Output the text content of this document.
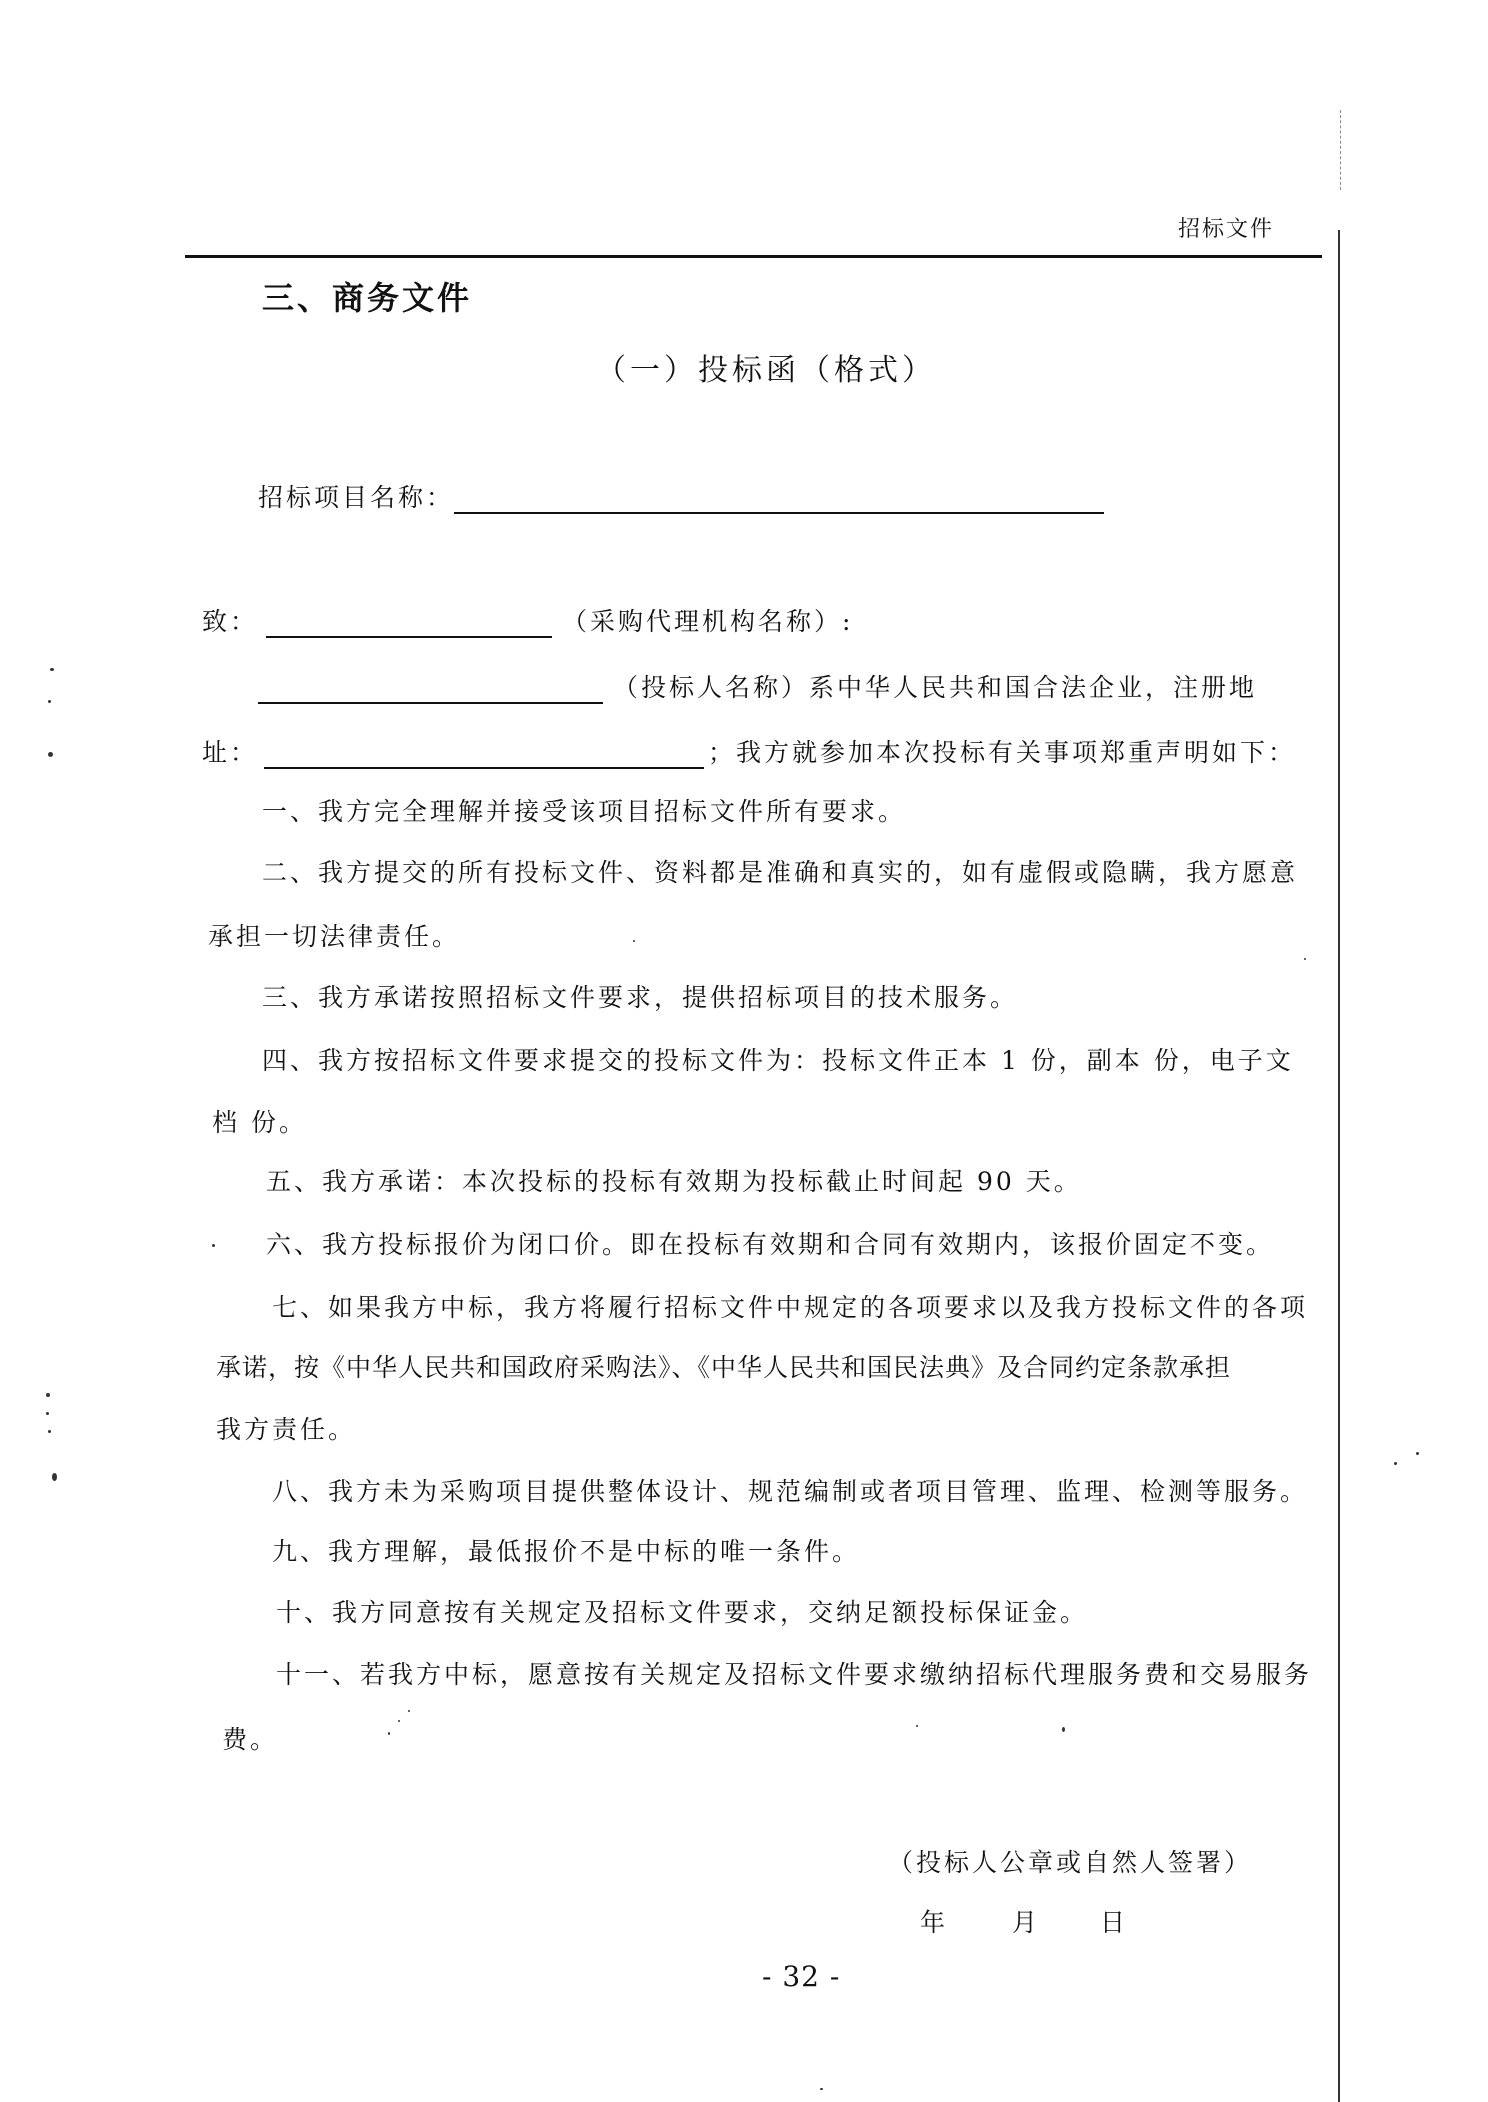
招标文件
三、商务文件
（一）投标函（格式）
招标项目名称：
致：	（采购代理机构名称）:
（投标人名称）系中华人民共和国合法企业，注册地
址：	；我方就参加本次投标有关事项郑重声明如下：
一、我方完全理解并接受该项目招标文件所有要求。
二、我方提交的所有投标文件、资料都是准确和真实的，如有虚假或隐瞒，我方愿意
承担一切法律责任。
三、我方承诺按照招标文件要求，提供招标项目的技术服务。
四、我方按招标文件要求提交的投标文件为：投标文件正本 1 份，副本 份，电子文
档 份。
五、我方承诺：本次投标的投标有效期为投标截止时间起 90 天。
六、我方投标报价为闭口价。即在投标有效期和合同有效期内，该报价固定不变。
七、如果我方中标，我方将履行招标文件中规定的各项要求以及我方投标文件的各项
承诺，按《中华人民共和国政府采购法》、《中华人民共和国民法典》及合同约定条款承担
我方责任。
八、我方未为采购项目提供整体设计、规范编制或者项目管理、监理、检测等服务。
九、我方理解，最低报价不是中标的唯一条件。
十、我方同意按有关规定及招标文件要求，交纳足额投标保证金。
十一、若我方中标，愿意按有关规定及招标文件要求缴纳招标代理服务费和交易服务
费。
（投标人公章或自然人签署）
年	月 日
- 32 -
